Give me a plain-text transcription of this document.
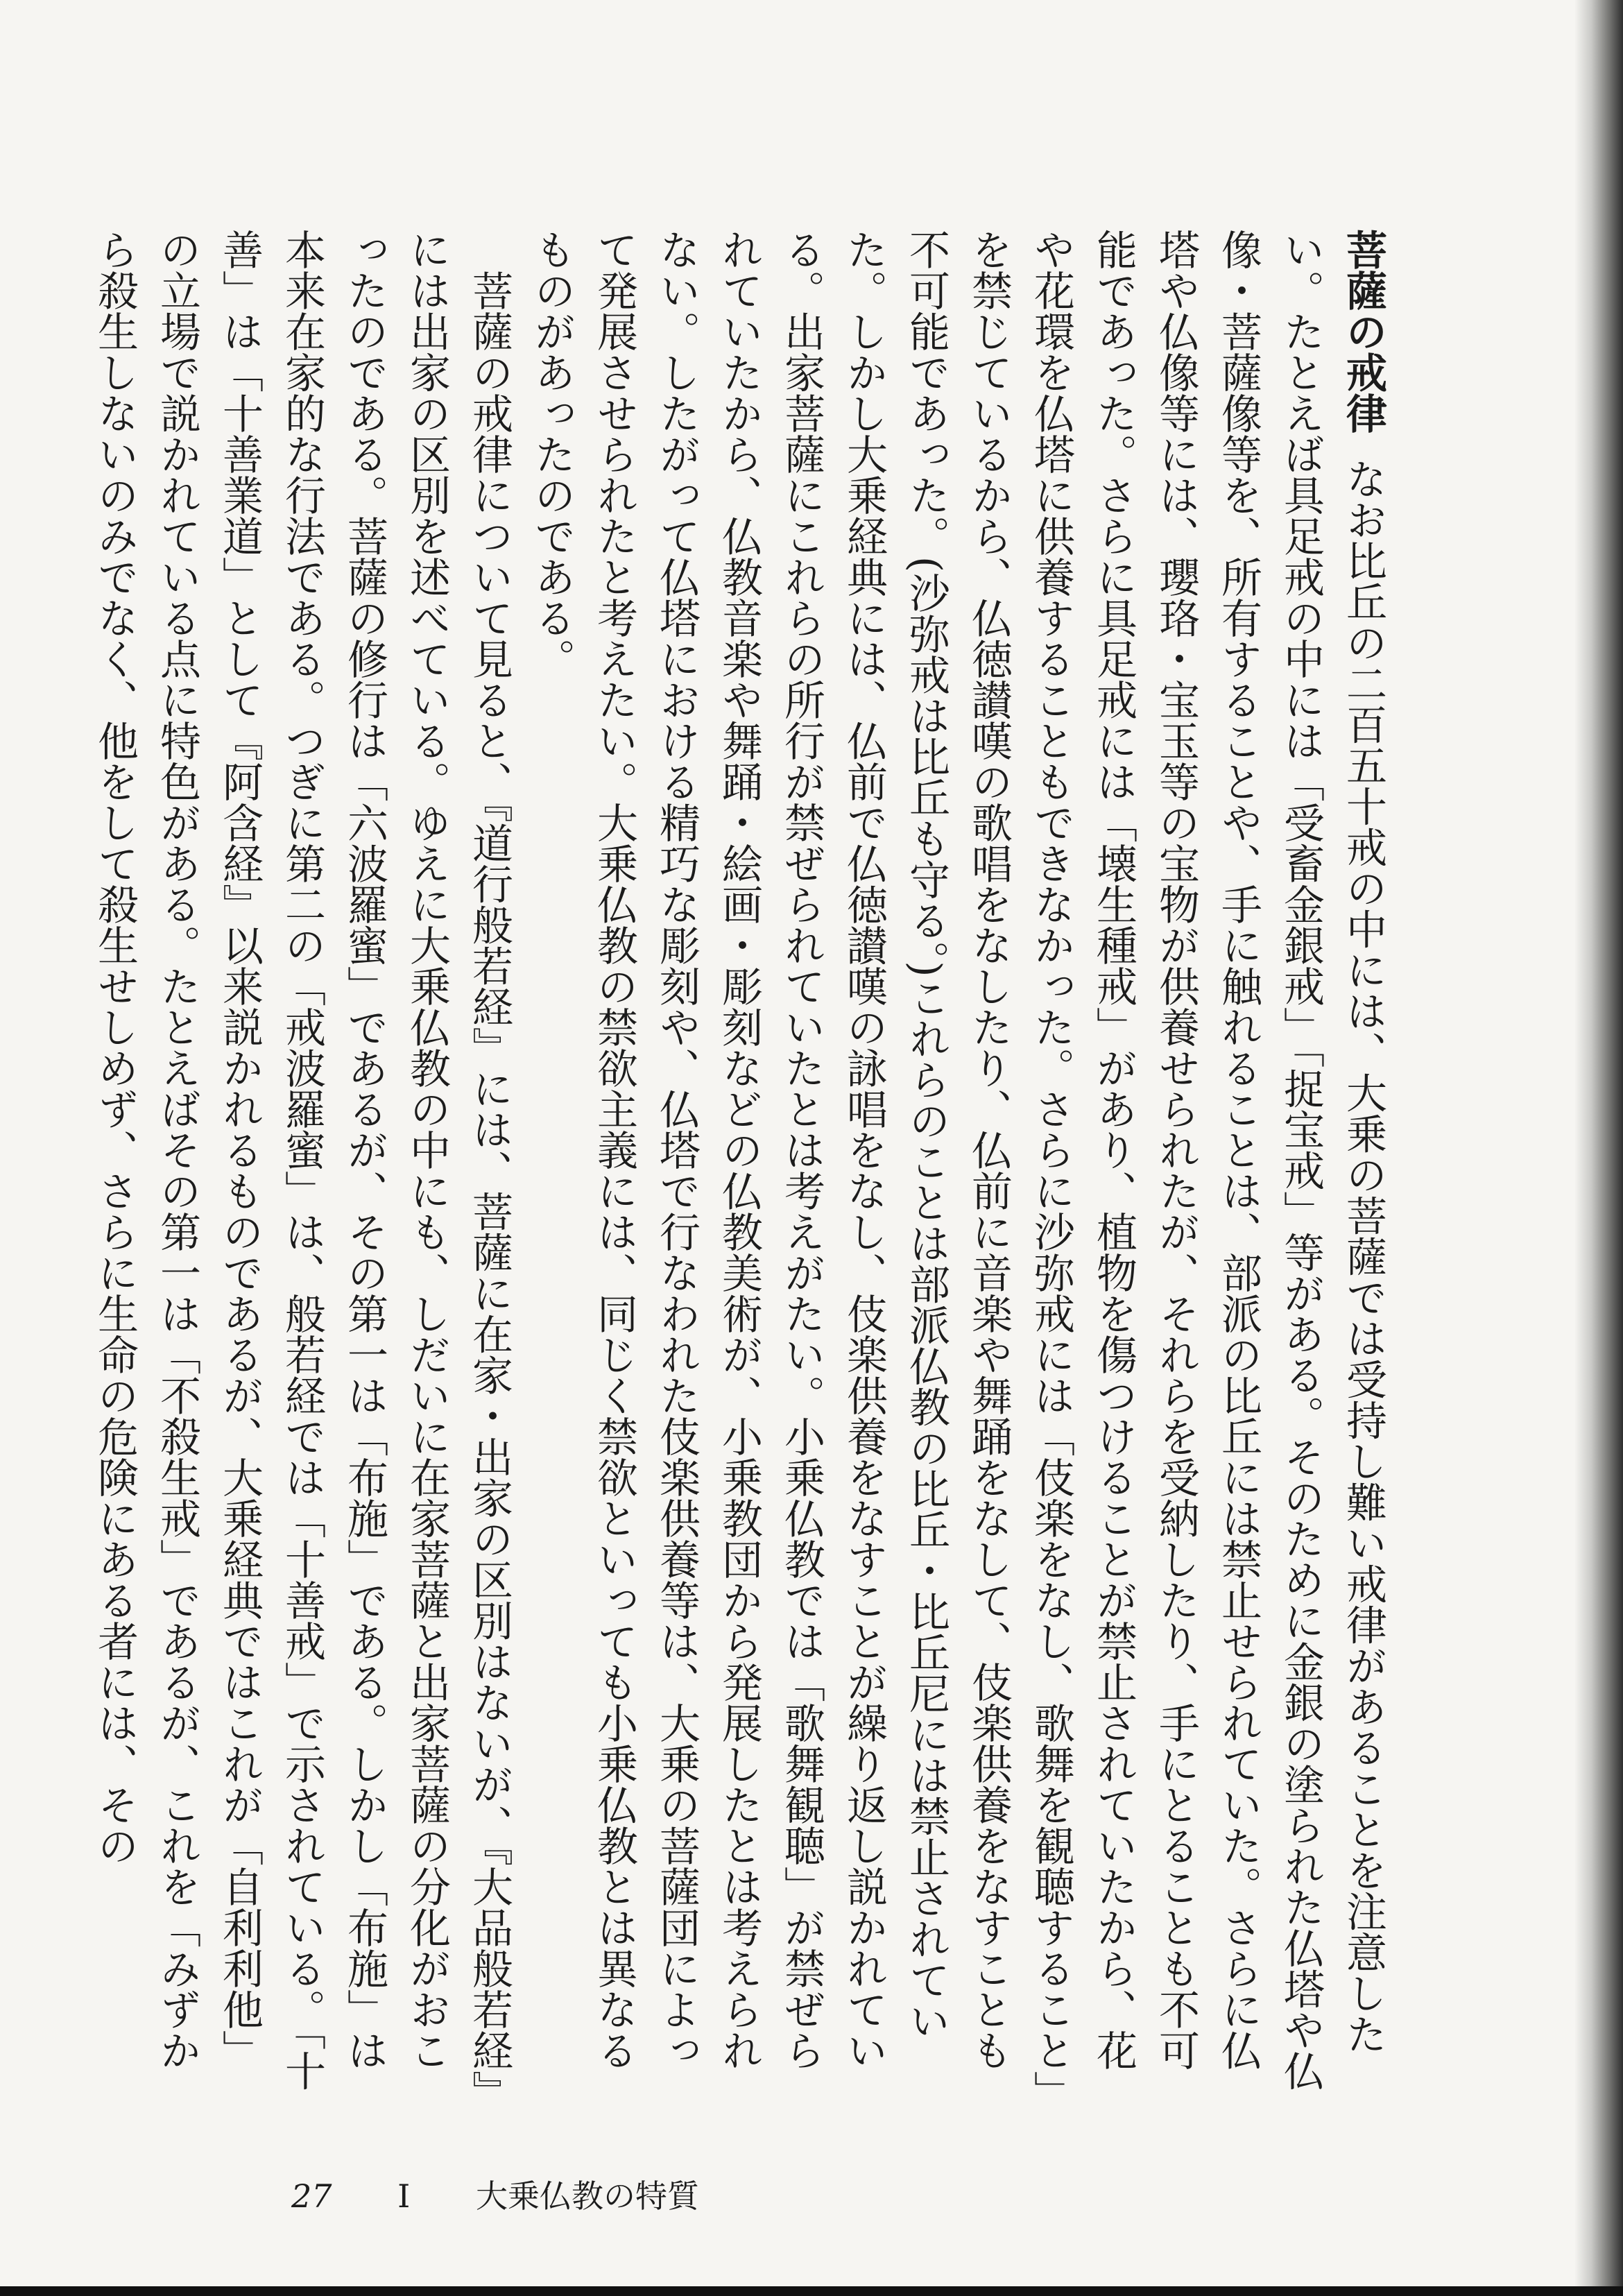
菩薩の戒律なお比丘の二百五十戒の中には、大乗の菩薩では受持し難い戒律があることを注意したい。たとえば具足戒の中には「受畜金銀戒」「捉宝戒」等がある。そのために金銀の塗られた仏塔や仏像・菩薩像等を、所有することや、手に触れることは、部派の比丘には禁止せられていた。さらに仏塔や仏像等には、瓔珞・宝玉等の宝物が供養せられたが、それらを受納したり、手にとることも不可能であった。さらに具足戒には「壊生種戒」があり、植物を傷つけることが禁止されていたから、花や花環を仏塔に供養することもできなかった。さらに沙弥戒には「伎楽をなし、歌舞を観聴すること」を禁じているから、仏徳讃嘆の歌唱をなしたり、仏前に音楽や舞踊をなして、伎楽供養をなすことも不可能であった。(沙弥戒は比丘も守る。)これらのことは部派仏教の比丘・比丘尼には禁止されていた。しかし大乗経典には、仏前で仏徳讃嘆の詠唱をなし、伎楽供養をなすことが繰り返し説かれている。出家菩薩にこれらの所行が禁ぜられていたとは考えがたい。小乗仏教では「歌舞観聴」が禁ぜられていたから、仏教音楽や舞踊・絵画・彫刻などの仏教美術が、小乗教団から発展したとは考えられない。したがって仏塔における精巧な彫刻や、仏塔で行なわれた伎楽供養等は、大乗の菩薩団によって発展させられたと考えたい。大乗仏教の禁欲主義には、同じく禁欲といっても小乗仏教とは異なるものがあったのである。

菩薩の戒律について見ると、『道行般若経』には、菩薩に在家・出家の区別はないが、『大品般若経』には出家の区別を述べている。ゆえに大乗仏教の中にも、しだいに在家菩薩と出家菩薩の分化がおこったのである。菩薩の修行は「六波羅蜜」であるが、その第一は「布施」である。しかし「布施」は本来在家的な行法である。つぎに第二の「戒波羅蜜」は、般若経では「十善戒」で示されている。「十善」は「十善業道」として『阿含経』以来説かれるものであるが、大乗経典ではこれが「自利利他」の立場で説かれている点に特色がある。たとえばその第一は「不殺生戒」であるが、これを「みずから殺生しないのみでなく、他をして殺生せしめず、さらに生命の危険にある者には、その

27 I 大乗仏教の特質
